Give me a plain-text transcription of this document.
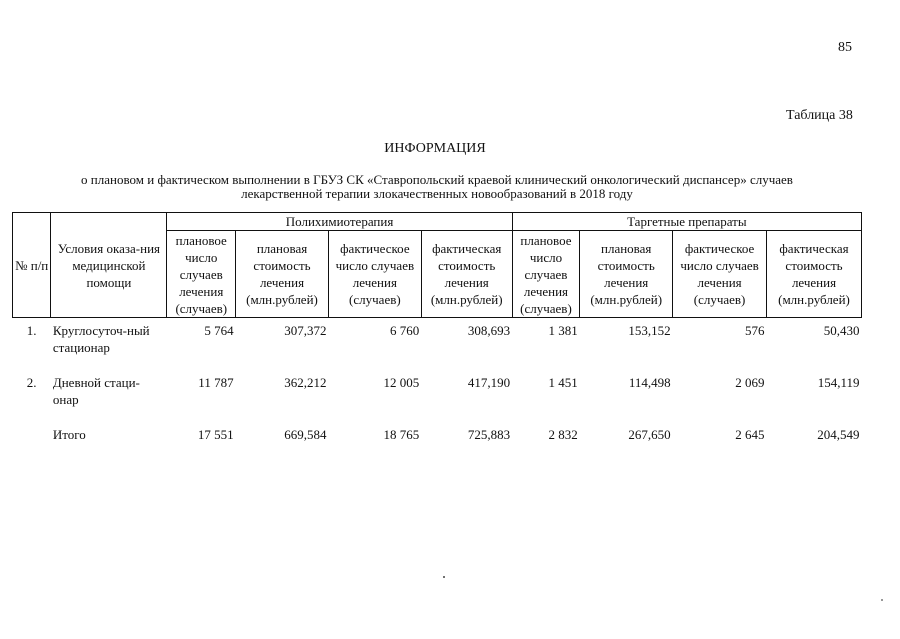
85
Таблица 38
ИНФОРМАЦИЯ
о плановом и фактическом выполнении в ГБУЗ СК «Ставропольский краевой клинический онкологический диспансер» случаев
лекарственной терапии злокачественных новообразований в 2018 году
№ п/п	Условия оказа-ния медицинской помощи	Полихимиотерапия				Таргетные препараты			
		плановое число случаев лечения (случаев)	плановая стоимость лечения (млн.рублей)	фактическое число случаев лечения (случаев)	фактическая стоимость лечения (млн.рублей)	плановое число случаев лечения (случаев)	плановая стоимость лечения (млн.рублей)	фактическое число случаев лечения (случаев)	фактическая стоимость лечения (млн.рублей)
1.	Круглосуточ-ный стационар	5 764	307,372	6 760	308,693	1 381	153,152	576	50,430

2.	Дневной стаци-онар	11 787	362,212	12 005	417,190	1 451	114,498	2 069	154,119

	Итого	17 551	669,584	18 765	725,883	2 832	267,650	2 645	204,549
